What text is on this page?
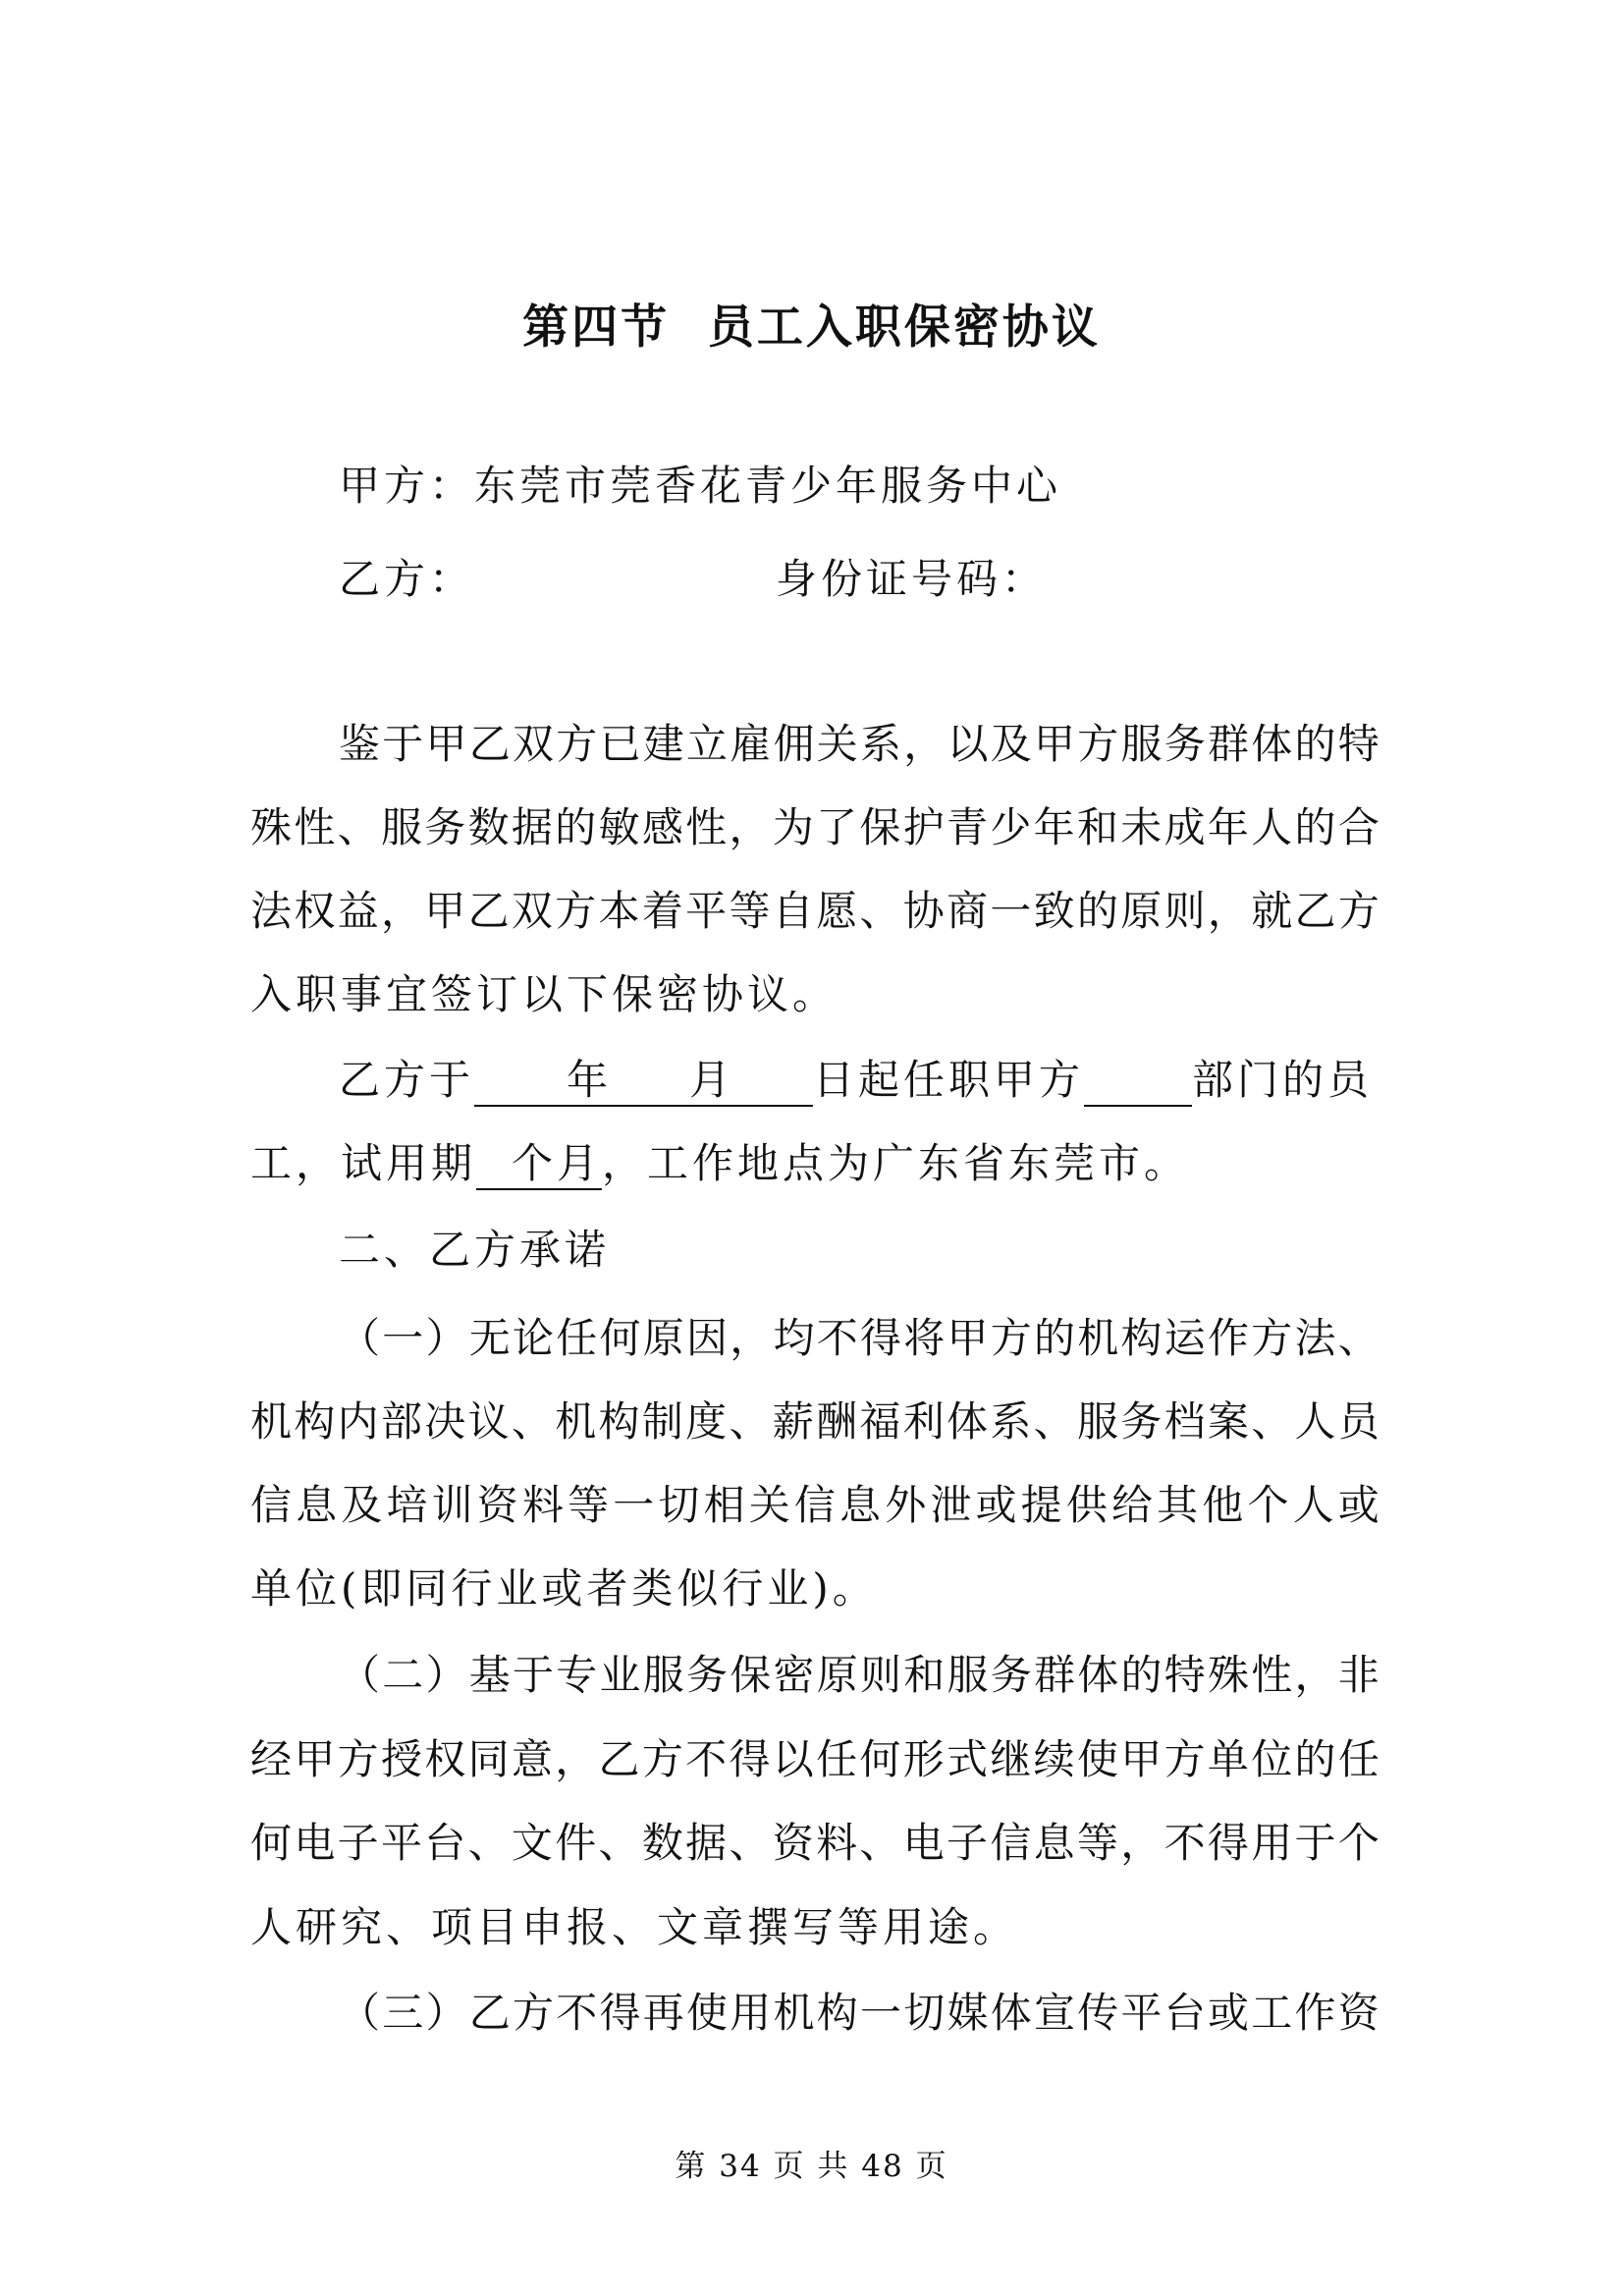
第四节  员工入职保密协议
甲方：东莞市莞香花青少年服务中心
乙方：	身份证号码：
鉴 于 甲 乙 双 方 已 建 立 雇 佣 关 系 ， 以 及 甲 方 服 务 群 体 的 特
殊 性 、 服 务 数 据 的 敏 感 性 ， 为 了 保 护 青 少 年 和 未 成 年 人 的 合
法 权 益 ， 甲 乙 双 方 本 着 平 等 自 愿 、 协 商 一 致 的 原 则 ， 就 乙 方
入职事宜签订以下保密协议。
乙方于 年 月 日起任职甲方	部门的员
工，试用期 个月，工作地点为广东省东莞市。
二、乙方承诺
（ 一 ） 无 论 任 何 原 因 ， 均 不 得 将 甲 方 的 机 构 运 作 方 法 、
机 构 内 部 决 议 、 机 构 制 度 、 薪 酬 福 利 体 系 、 服 务 档 案 、 人 员
信 息 及 培 训 资 料 等 一 切 相 关 信 息 外 泄 或 提 供 给 其 他 个 人 或
单位(即同行业或者类似行业)。
（ 二 ） 基 于 专 业 服 务 保 密 原 则 和 服 务 群 体 的 特 殊 性 ， 非
经 甲 方 授 权 同 意 ， 乙 方 不 得 以 任 何 形 式 继 续 使 甲 方 单 位 的 任
何 电 子 平 台 、 文 件 、 数 据 、 资 料 、 电 子 信 息 等 ， 不 得 用 于 个
人研究、项目申报、文章撰写等用途。
（ 三 ） 乙 方 不 得 再 使 用 机 构 一 切 媒 体 宣 传 平 台 或 工 作 资
第 34 页 共 48 页
